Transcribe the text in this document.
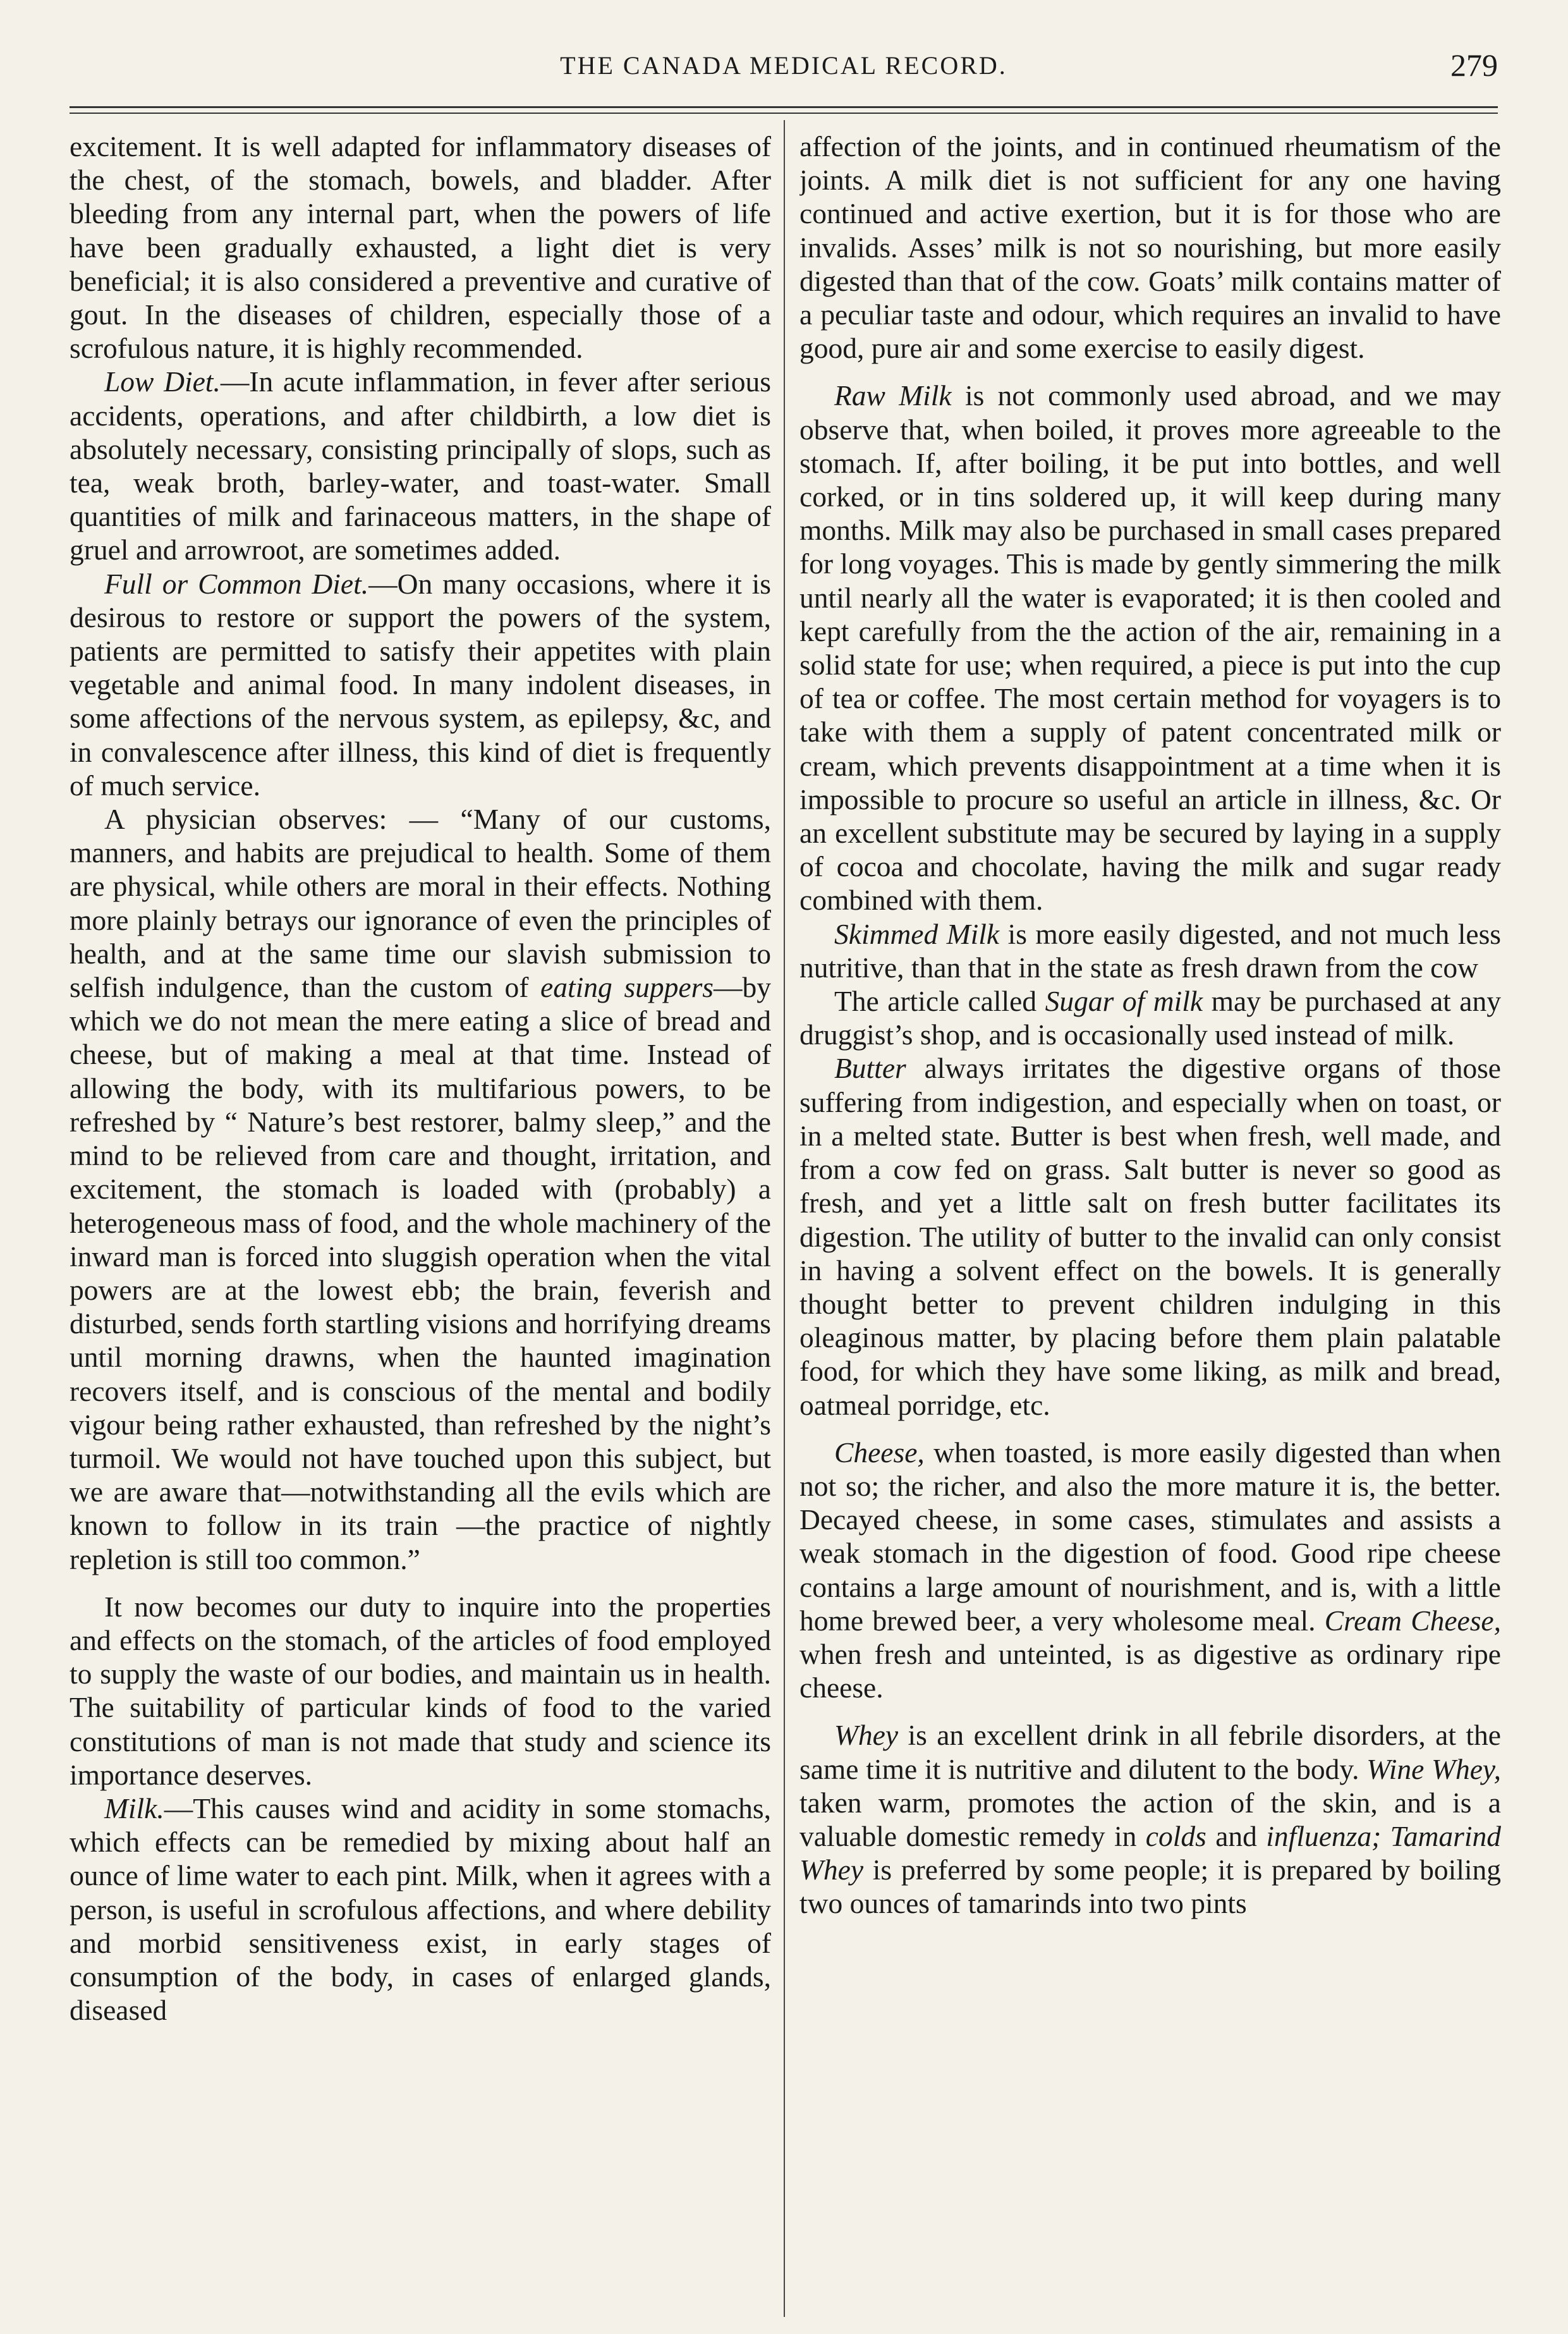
THE CANADA MEDICAL RECORD.	279

excitement. It is well adapted for inflammatory diseases of the chest, of the stomach, bowels, and bladder. After bleeding from any internal part, when the powers of life have been gradually exhausted, a light diet is very beneficial; it is also considered a preventive and curative of gout. In the diseases of children, especially those of a scrofulous nature, it is highly recommended.

Low Diet.—In acute inflammation, in fever after serious accidents, operations, and after childbirth, a low diet is absolutely necessary, consisting principally of slops, such as tea, weak broth, barley-water, and toast-water. Small quantities of milk and farinaceous matters, in the shape of gruel and arrowroot, are sometimes added.

Full or Common Diet.—On many occasions, where it is desirous to restore or support the powers of the system, patients are permitted to satisfy their appetites with plain vegetable and animal food. In many indolent diseases, in some affections of the nervous system, as epilepsy, &c, and in convalescence after illness, this kind of diet is frequently of much service.

A physician observes: — “Many of our customs, manners, and habits are prejudical to health. Some of them are physical, while others are moral in their effects. Nothing more plainly betrays our ignorance of even the principles of health, and at the same time our slavish submission to selfish indulgence, than the custom of eating suppers—by which we do not mean the mere eating a slice of bread and cheese, but of making a meal at that time. Instead of allowing the body, with its multifarious powers, to be refreshed by “ Nature’s best restorer, balmy sleep,” and the mind to be relieved from care and thought, irritation, and excitement, the stomach is loaded with (probably) a heterogeneous mass of food, and the whole machinery of the inward man is forced into sluggish operation when the vital powers are at the lowest ebb; the brain, feverish and disturbed, sends forth startling visions and horrifying dreams until morning drawns, when the haunted imagination recovers itself, and is conscious of the mental and bodily vigour being rather exhausted, than refreshed by the night’s turmoil. We would not have touched upon this subject, but we are aware that—notwithstanding all the evils which are known to follow in its train —the practice of nightly repletion is still too common.”

It now becomes our duty to inquire into the properties and effects on the stomach, of the articles of food employed to supply the waste of our bodies, and maintain us in health. The suitability of particular kinds of food to the varied constitutions of man is not made that study and science its importance deserves.

Milk.—This causes wind and acidity in some stomachs, which effects can be remedied by mixing about half an ounce of lime water to each pint. Milk, when it agrees with a person, is useful in scrofulous affections, and where debility and morbid sensitiveness exist, in early stages of consumption of the body, in cases of enlarged glands, diseased

affection of the joints, and in continued rheumatism of the joints. A milk diet is not sufficient for any one having continued and active exertion, but it is for those who are invalids. Asses’ milk is not so nourishing, but more easily digested than that of the cow. Goats’ milk contains matter of a peculiar taste and odour, which requires an invalid to have good, pure air and some exercise to easily digest.

Raw Milk is not commonly used abroad, and we may observe that, when boiled, it proves more agreeable to the stomach. If, after boiling, it be put into bottles, and well corked, or in tins soldered up, it will keep during many months. Milk may also be purchased in small cases prepared for long voyages. This is made by gently simmering the milk until nearly all the water is evaporated; it is then cooled and kept carefully from the the action of the air, remaining in a solid state for use; when required, a piece is put into the cup of tea or coffee. The most certain method for voyagers is to take with them a supply of patent concentrated milk or cream, which prevents disappointment at a time when it is impossible to procure so useful an article in illness, &c. Or an excellent substitute may be secured by laying in a supply of cocoa and chocolate, having the milk and sugar ready combined with them.

Skimmed Milk is more easily digested, and not much less nutritive, than that in the state as fresh drawn from the cow

The article called Sugar of milk may be purchased at any druggist’s shop, and is occasionally used instead of milk.

Butter always irritates the digestive organs of those suffering from indigestion, and especially when on toast, or in a melted state. Butter is best when fresh, well made, and from a cow fed on grass. Salt butter is never so good as fresh, and yet a little salt on fresh butter facilitates its digestion. The utility of butter to the invalid can only consist in having a solvent effect on the bowels. It is generally thought better to prevent children indulging in this oleaginous matter, by placing before them plain palatable food, for which they have some liking, as milk and bread, oatmeal porridge, etc.

Cheese, when toasted, is more easily digested than when not so; the richer, and also the more mature it is, the better. Decayed cheese, in some cases, stimulates and assists a weak stomach in the digestion of food. Good ripe cheese contains a large amount of nourishment, and is, with a little home brewed beer, a very wholesome meal. Cream Cheese, when fresh and unteinted, is as digestive as ordinary ripe cheese.

Whey is an excellent drink in all febrile disorders, at the same time it is nutritive and dilutent to the body. Wine Whey, taken warm, promotes the action of the skin, and is a valuable domestic remedy in colds and influenza; Tamarind Whey is preferred by some people; it is prepared by boiling two ounces of tamarinds into two pints
